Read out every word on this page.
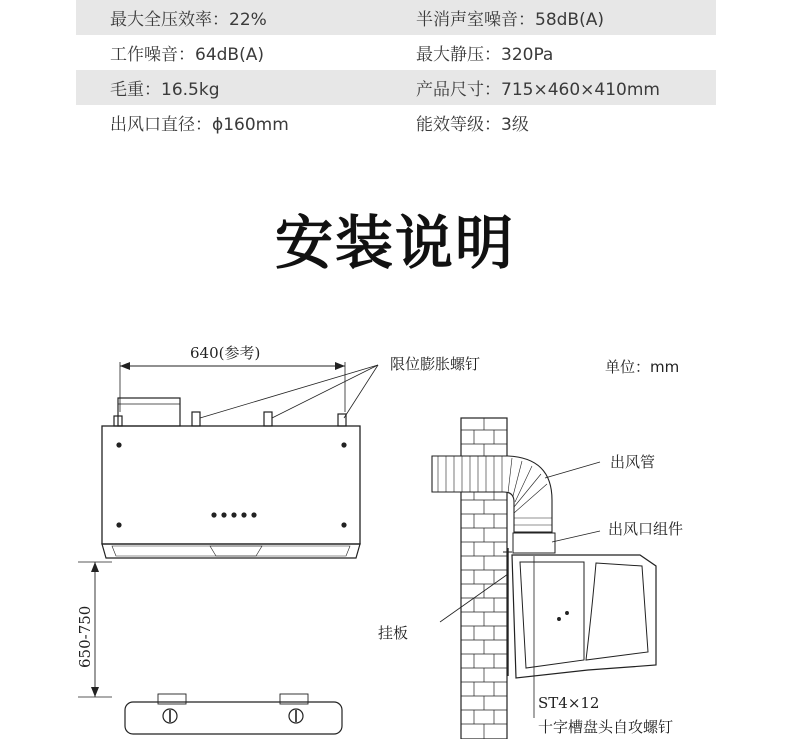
最大全压效率：22%	半消声室噪音：58dB(A)
工作噪音：64dB(A)	最大静压：320Pa
毛重：16.5kg	产品尺寸：715×460×410mm
出风口直径：ϕ160mm	能效等级：3级
安装说明
640(参考)
限位膨胀螺钉	单位：mm
出风管
出风口组件
挂板
ST4×12
十字槽盘头自攻螺钉
650-750
